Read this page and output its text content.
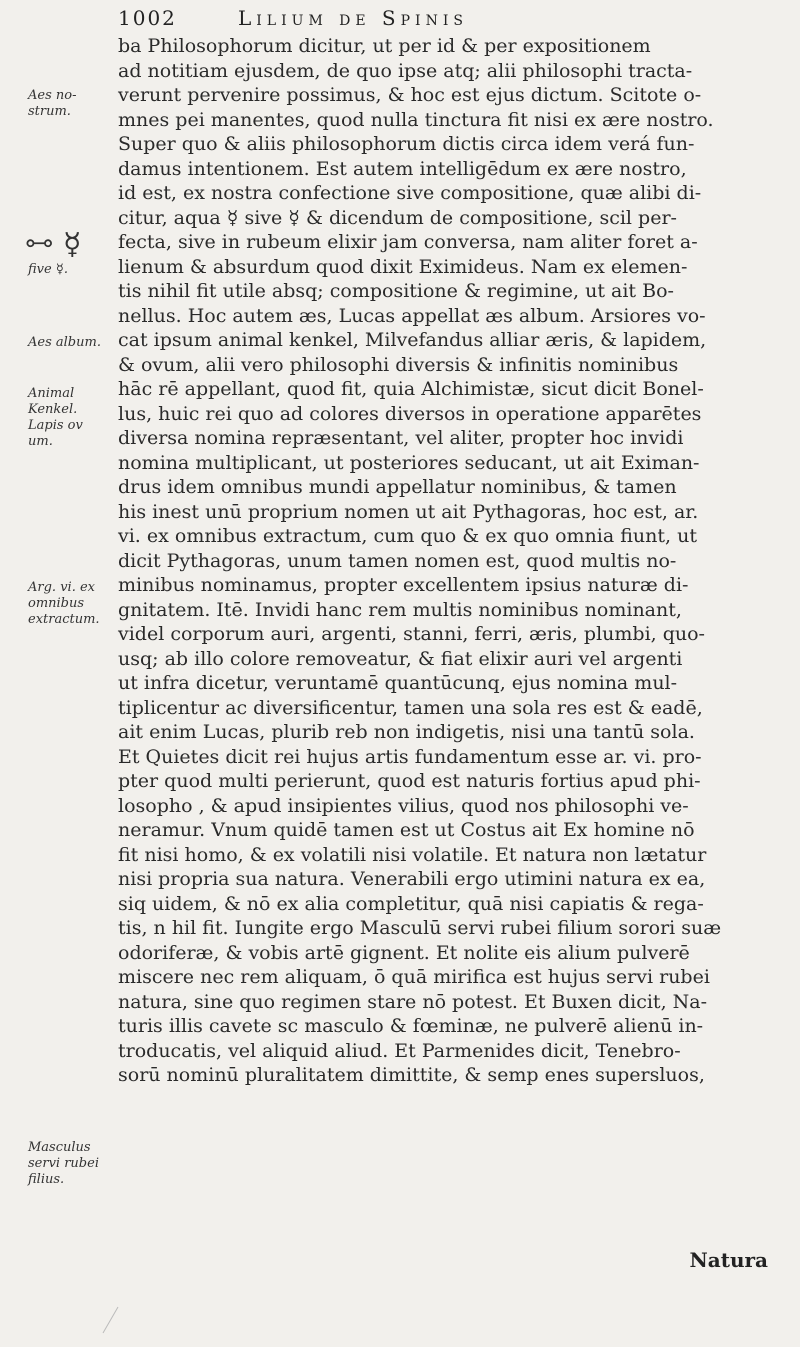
1002	Lilium de Spinis
Aes no-
strum.
five ☿.
Aes album.
Animal
Kenkel.
Lapis ov
um.
Arg. vi. ex
omnibus
extractum.
Masculus
servi rubei
filius.
🜺 ☿
ba Philosophorum dicitur, ut per id & per expositionem
ad notitiam ejusdem, de quo ipse atq; alii philosophi tracta-
verunt pervenire possimus, & hoc est ejus dictum. Scitote o-
mnes pei manentes, quod nulla tinctura fit nisi ex ære nostro.
Super quo & aliis philosophorum dictis circa idem verá fun-
damus intentionem. Est autem intelligēdum ex ære nostro,
id est, ex nostra confectione sive compositione, quæ alibi di-
citur, aqua ☿ sive ☿ & dicendum de compositione, scil per-
fecta, sive in rubeum elixir jam conversa, nam aliter foret a-
lienum & absurdum quod dixit Eximideus. Nam ex elemen-
tis nihil fit utile absq; compositione & regimine, ut ait Bo-
nellus. Hoc autem æs, Lucas appellat æs album. Arsiores vo-
cat ipsum animal kenkel, Milvefandus alliar æris, & lapidem,
& ovum, alii vero philosophi diversis & infinitis nominibus
hāc rē appellant, quod fit, quia Alchimistæ, sicut dicit Bonel-
lus, huic rei quo ad colores diversos in operatione apparētes
diversa nomina repræsentant, vel aliter, propter hoc invidi
nomina multiplicant, ut posteriores seducant, ut ait Eximan-
drus idem omnibus mundi appellatur nominibus, & tamen
his inest unū proprium nomen ut ait Pythagoras, hoc est, ar.
vi. ex omnibus extractum, cum quo & ex quo omnia fiunt, ut
dicit Pythagoras, unum tamen nomen est, quod multis no-
minibus nominamus, propter excellentem ipsius naturæ di-
gnitatem. Itē. Invidi hanc rem multis nominibus nominant,
videl corporum auri, argenti, stanni, ferri, æris, plumbi, quo-
usq; ab illo colore removeatur, & fiat elixir auri vel argenti
ut infra dicetur, veruntamē quantūcunq, ejus nomina mul-
tiplicentur ac diversificentur, tamen una sola res est & eadē,
ait enim Lucas, plurib reb non indigetis, nisi una tantū sola.
Et Quietes dicit rei hujus artis fundamentum esse ar. vi. pro-
pter quod multi perierunt, quod est naturis fortius apud phi-
losopho , & apud insipientes vilius, quod nos philosophi ve-
neramur. Vnum quidē tamen est ut Costus ait Ex homine nō
fit nisi homo, & ex volatili nisi volatile. Et natura non lætatur
nisi propria sua natura. Venerabili ergo utimini natura ex ea,
siq uidem, & nō ex alia completitur, quā nisi capiatis & rega-
tis, n hil fit. Iungite ergo Masculū servi rubei filium sorori suæ
odoriferæ, & vobis artē gignent. Et nolite eis alium pulverē
miscere nec rem aliquam, ō quā mirifica est hujus servi rubei
natura, sine quo regimen stare nō potest. Et Buxen dicit, Na-
turis illis cavete sc masculo & fœminæ, ne pulverē alienū in-
troducatis, vel aliquid aliud. Et Parmenides dicit, Tenebro-
sorū nominū pluralitatem dimittite, & semp enes supersluos,
Natura
